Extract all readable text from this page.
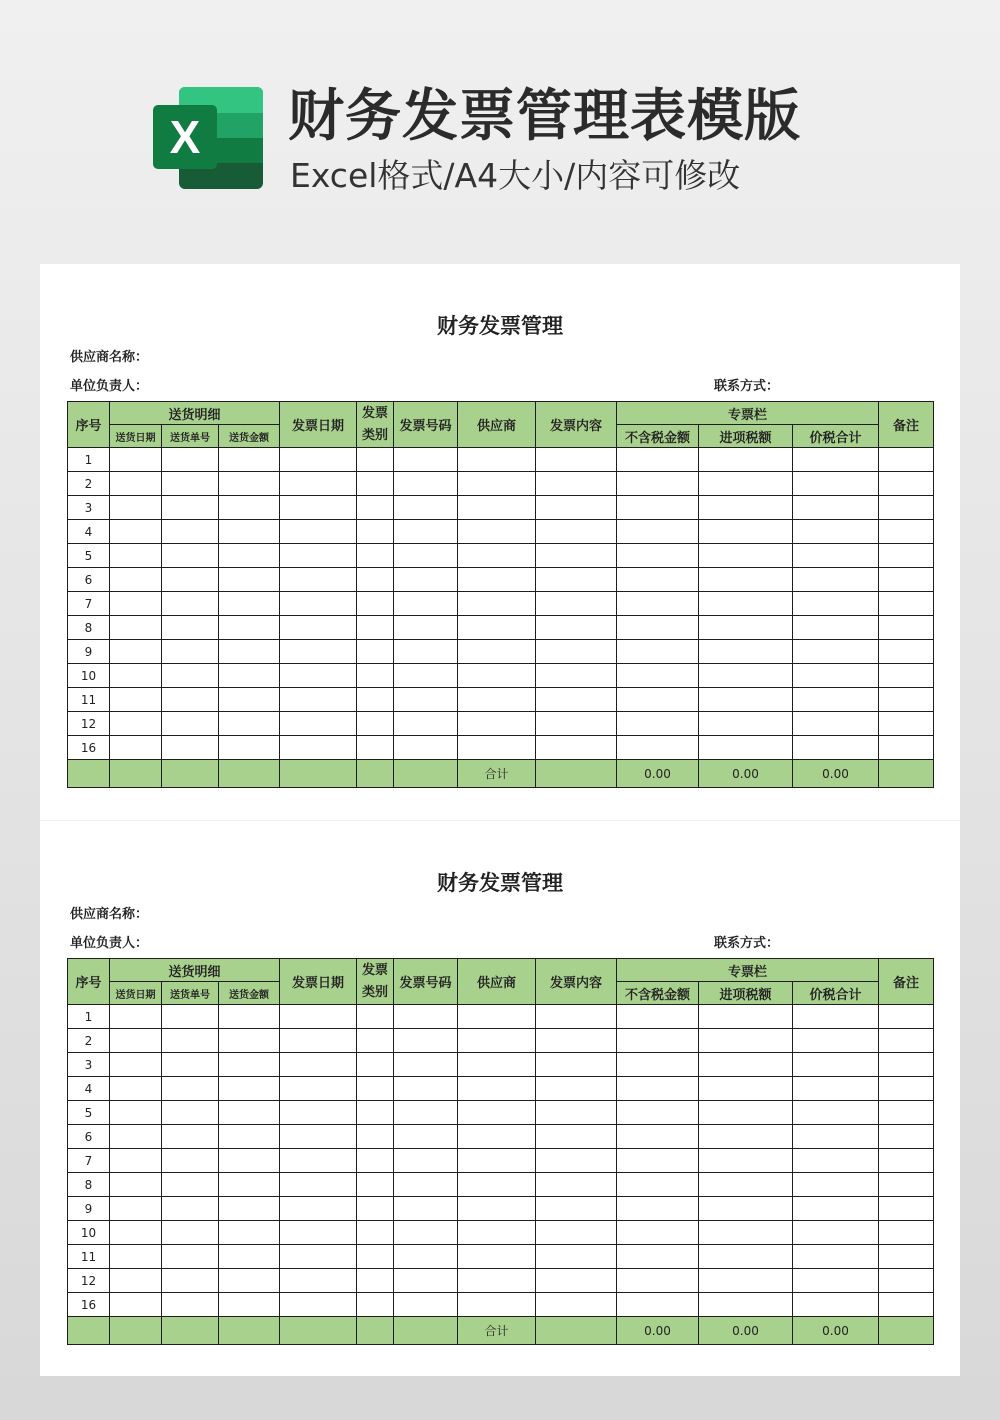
X 财务发票管理表模版
Excel格式/A4大小/内容可修改
财务发票管理
供应商名称：
单位负责人：	联系方式：
序号	送货明细			发票日期	发票类别	发票号码	供应商	发票内容	专票栏			备注
	送货日期	送货单号	送货金额						不含税金额	进项税额	价税合计	
1												
2												
3												
4												
5												
6												
7												
8												
9												
10												
11												
12												
16												
							合计		0.00	0.00	0.00	
财务发票管理
供应商名称：
单位负责人：	联系方式：
序号	送货明细			发票日期	发票类别	发票号码	供应商	发票内容	专票栏			备注
	送货日期	送货单号	送货金额						不含税金额	进项税额	价税合计	
1												
2												
3												
4												
5												
6												
7												
8												
9												
10												
11												
12												
16												
							合计		0.00	0.00	0.00	
